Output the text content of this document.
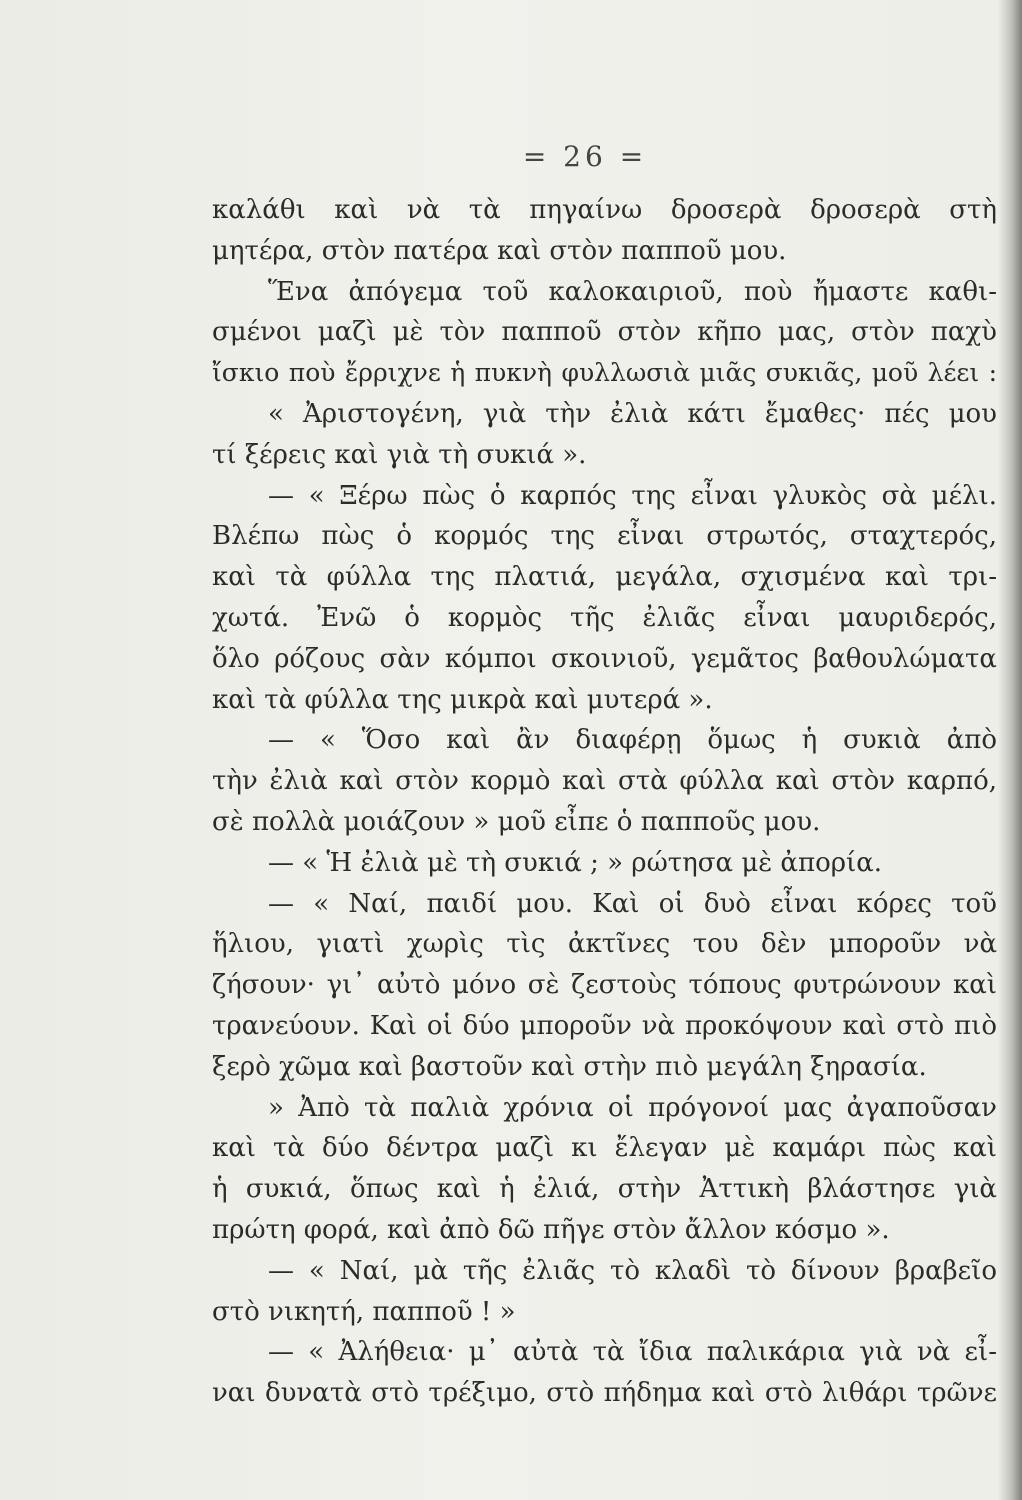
= 26 =
καλάθι καὶ νὰ τὰ πηγαίνω δροσερὰ δροσερὰ στὴ
μητέρα, στὸν πατέρα καὶ στὸν παπποῦ μου.
Ἕνα ἀπόγεμα τοῦ καλοκαιριοῦ, ποὺ ἤμαστε καθι-
σμένοι μαζὶ μὲ τὸν παπποῦ στὸν κῆπο μας, στὸν παχὺ
ἴσκιο ποὺ ἔρριχνε ἡ πυκνὴ φυλλωσιὰ μιᾶς συκιᾶς, μοῦ λέει :
« Ἀριστογένη, γιὰ τὴν ἐλιὰ κάτι ἔμαθες· πές μου
τί ξέρεις καὶ γιὰ τὴ συκιά ».
— « Ξέρω πὼς ὁ καρπός της εἶναι γλυκὸς σὰ μέλι.
Βλέπω πὼς ὁ κορμός της εἶναι στρωτός, σταχτερός,
καὶ τὰ φύλλα της πλατιά, μεγάλα, σχισμένα καὶ τρι-
χωτά. Ἐνῶ ὁ κορμὸς τῆς ἐλιᾶς εἶναι μαυριδερός,
ὅλο ρόζους σὰν κόμποι σκοινιοῦ, γεμᾶτος βαθουλώματα
καὶ τὰ φύλλα της μικρὰ καὶ μυτερά ».
— « Ὅσο καὶ ἂν διαφέρῃ ὅμως ἡ συκιὰ ἀπὸ
τὴν ἐλιὰ καὶ στὸν κορμὸ καὶ στὰ φύλλα καὶ στὸν καρπό,
σὲ πολλὰ μοιάζουν » μοῦ εἶπε ὁ παπποῦς μου.
— « Ἡ ἐλιὰ μὲ τὴ συκιά ; » ρώτησα μὲ ἀπορία.
— « Ναί, παιδί μου. Καὶ οἱ δυὸ εἶναι κόρες τοῦ
ἥλιου, γιατὶ χωρὶς τὶς ἀκτῖνες του δὲν μποροῦν νὰ
ζήσουν· γι᾽ αὐτὸ μόνο σὲ ζεστοὺς τόπους φυτρώνουν καὶ
τρανεύουν. Καὶ οἱ δύο μποροῦν νὰ προκόψουν καὶ στὸ πιὸ
ξερὸ χῶμα καὶ βαστοῦν καὶ στὴν πιὸ μεγάλη ξηρασία.
» Ἀπὸ τὰ παλιὰ χρόνια οἱ πρόγονοί μας ἀγαποῦσαν
καὶ τὰ δύο δέντρα μαζὶ κι ἔλεγαν μὲ καμάρι πὼς καὶ
ἡ συκιά, ὅπως καὶ ἡ ἐλιά, στὴν Ἀττικὴ βλάστησε γιὰ
πρώτη φορά, καὶ ἀπὸ δῶ πῆγε στὸν ἄλλον κόσμο ».
— « Ναί, μὰ τῆς ἐλιᾶς τὸ κλαδὶ τὸ δίνουν βραβεῖο
στὸ νικητή, παπποῦ ! »
— « Ἀλήθεια· μ᾽ αὐτὰ τὰ ἴδια παλικάρια γιὰ νὰ εἶ-
ναι δυνατὰ στὸ τρέξιμο, στὸ πήδημα καὶ στὸ λιθάρι τρῶνε
